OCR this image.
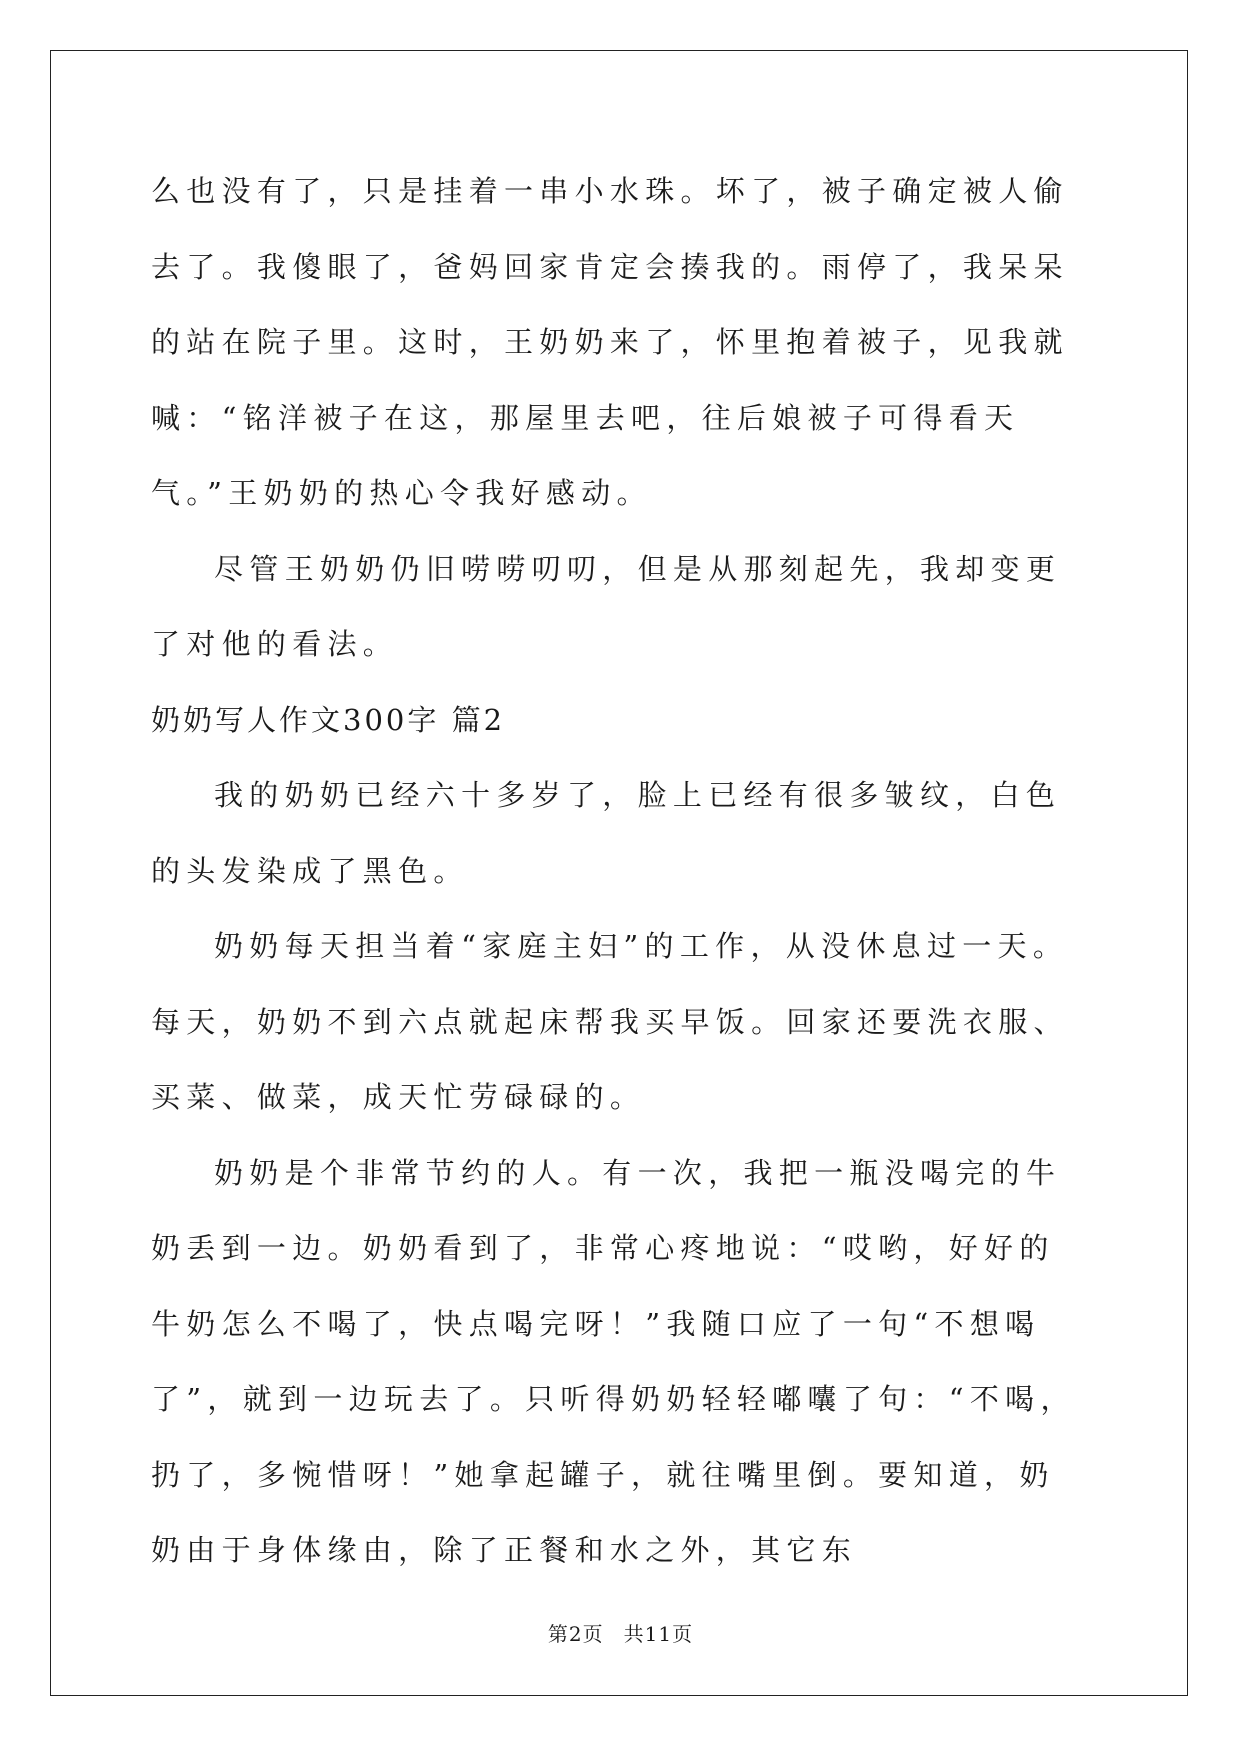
么也没有了，只是挂着一串小水珠。坏了，被子确定被人偷去了。我傻眼了，爸妈回家肯定会揍我的。雨停了，我呆呆的站在院子里。这时，王奶奶来了，怀里抱着被子，见我就喊：“铭洋被子在这，那屋里去吧，往后娘被子可得看天气。”王奶奶的热心令我好感动。

尽管王奶奶仍旧唠唠叨叨，但是从那刻起先，我却变更了对他的看法。

奶奶写人作文300字 篇2

我的奶奶已经六十多岁了，脸上已经有很多皱纹，白色的头发染成了黑色。

奶奶每天担当着“家庭主妇”的工作，从没休息过一天。每天，奶奶不到六点就起床帮我买早饭。回家还要洗衣服、买菜、做菜，成天忙劳碌碌的。

奶奶是个非常节约的人。有一次，我把一瓶没喝完的牛奶丢到一边。奶奶看到了，非常心疼地说：“哎哟，好好的牛奶怎么不喝了，快点喝完呀！”我随口应了一句“不想喝了”，就到一边玩去了。只听得奶奶轻轻嘟囔了句：“不喝，扔了，多惋惜呀！”她拿起罐子，就往嘴里倒。要知道，奶奶由于身体缘由，除了正餐和水之外，其它东

第2页 共11页
